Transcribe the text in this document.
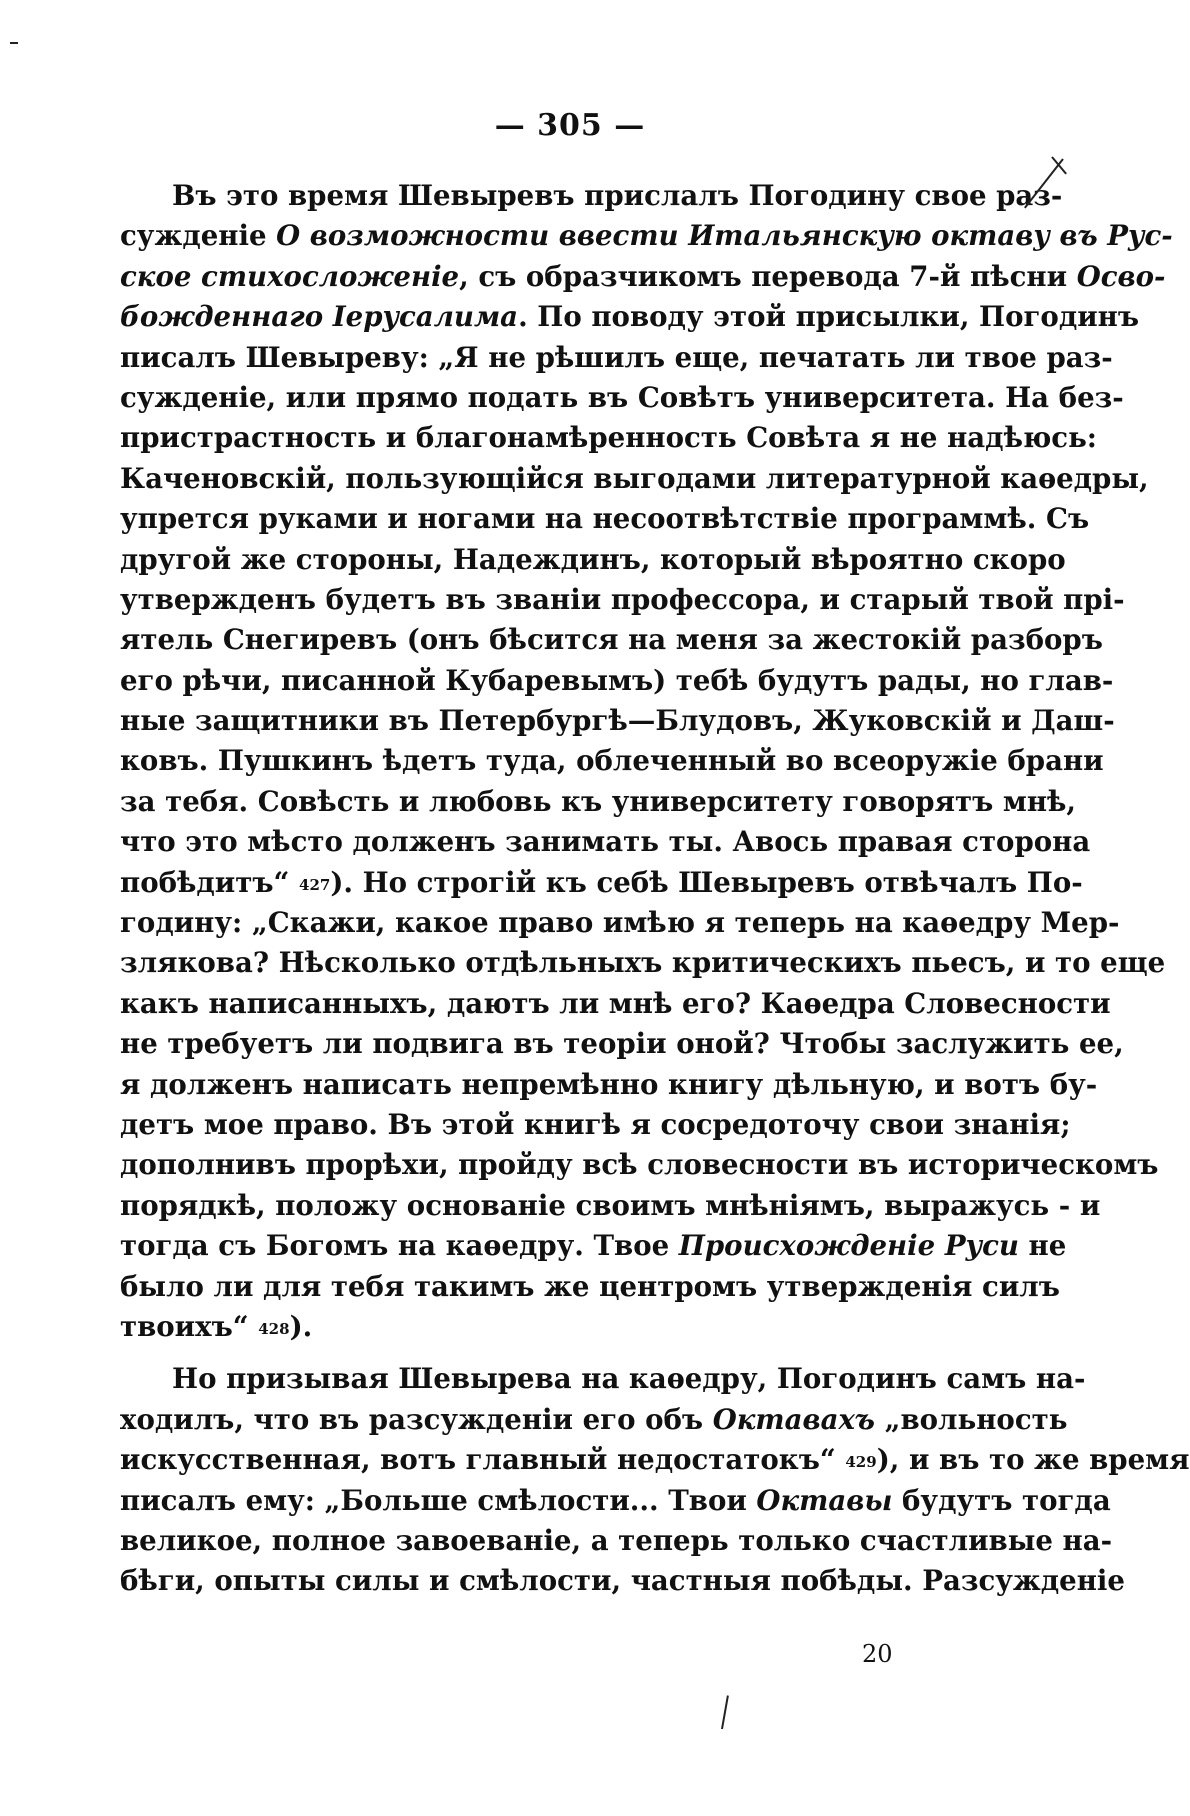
— 305 —
Въ это время Шевыревъ прислалъ Погодину свое раз-
сужденіе О возможности ввести Итальянскую октаву въ Рус-
ское стихосложеніе, съ образчикомъ перевода 7-й пѣсни Осво-
божденнаго Іерусалима. По поводу этой присылки, Погодинъ
писалъ Шевыреву: „Я не рѣшилъ еще, печатать ли твое раз-
сужденіе, или прямо подать въ Совѣтъ университета. На без-
пристрастность и благонамѣренность Совѣта я не надѣюсь:
Каченовскій, пользующійся выгодами литературной каѳедры,
упрется руками и ногами на несоотвѣтствіе программѣ. Съ
другой же стороны, Надеждинъ, который вѣроятно скоро
утвержденъ будетъ въ званіи профессора, и старый твой прі-
ятель Снегиревъ (онъ бѣсится на меня за жестокій разборъ
его рѣчи, писанной Кубаревымъ) тебѣ будутъ рады, но глав-
ные защитники въ Петербургѣ—Блудовъ, Жуковскій и Даш-
ковъ. Пушкинъ ѣдетъ туда, облеченный во всеоружіе брани
за тебя. Совѣсть и любовь къ университету говорятъ мнѣ,
что это мѣсто долженъ занимать ты. Авось правая сторона
побѣдитъ“ $^{427}$). Но строгій къ себѣ Шевыревъ отвѣчалъ По-
годину: „Скажи, какое право имѣю я теперь на каѳедру Мер-
злякова? Нѣсколько отдѣльныхъ критическихъ пьесъ, и то еще
какъ написанныхъ, даютъ ли мнѣ его? Каѳедра Словесности
не требуетъ ли подвига въ теоріи оной? Чтобы заслужить ее,
я долженъ написать непремѣнно книгу дѣльную, и вотъ бу-
детъ мое право. Въ этой книгѣ я сосредоточу свои знанія;
дополнивъ прорѣхи, пройду всѣ словесности въ историческомъ
порядкѣ, положу основаніе своимъ мнѣніямъ, выражусь - и
тогда съ Богомъ на каѳедру. Твое Происхожденіе Руси не
было ли для тебя такимъ же центромъ утвержденія силъ
твоихъ“ $^{428}$).
Но призывая Шевырева на каѳедру, Погодинъ самъ на-
ходилъ, что въ разсужденіи его объ Октавахъ „вольность
искусственная, вотъ главный недостатокъ“ $^{429}$), и въ то же время
писалъ ему: „Больше смѣлости... Твои Октавы будутъ тогда
великое, полное завоеваніе, а теперь только счастливые на-
бѣги, опыты силы и смѣлости, частныя побѣды. Разсужденіе
20
